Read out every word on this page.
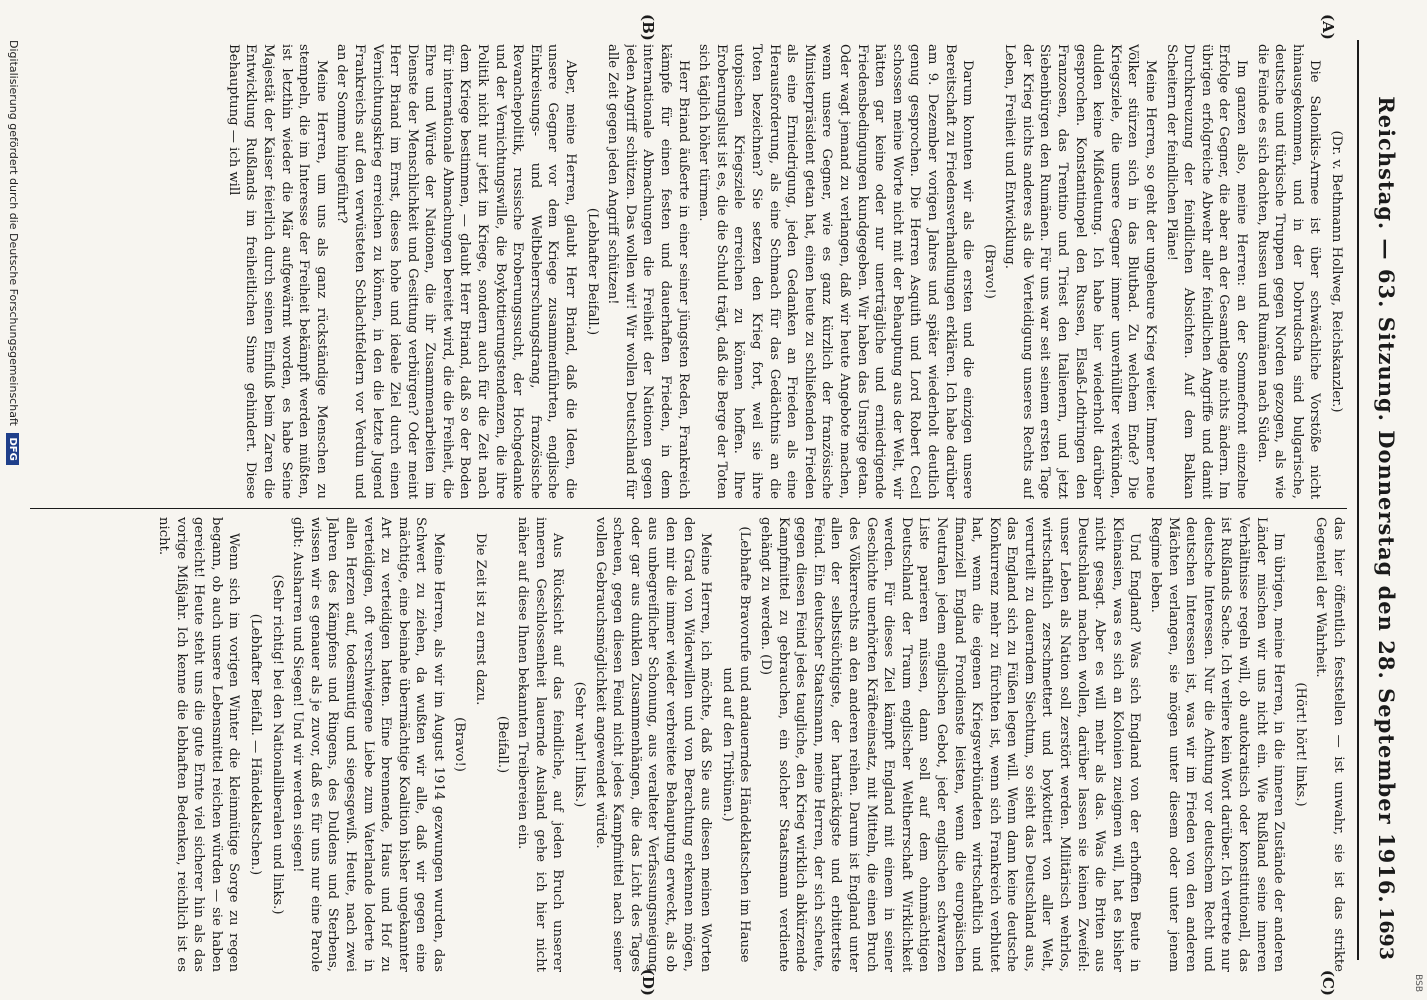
BSB
Reichstag. — 63. Sitzung. Donnerstag den 28. September 1916.
1693
(A)
(B)
(C)
(D)

(Dr. v. Bethmann Hollweg, Reichskanzler.)

Die Salonikis-Armee ist über schwächliche Vorstöße nicht hinausgekommen, und in der Dobrudscha sind bulgarische, deutsche und türkische Truppen gegen Norden gezogen, als wie die Feinde es sich dachten, Russen und Rumänen nach Süden.

Im ganzen also, meine Herren: an der Sommefront einzelne Erfolge der Gegner, die aber an der Gesamtlage nichts ändern. Im übrigen erfolgreiche Abwehr aller feindlichen Angriffe und damit Durchkreuzung der feindlichen Absichten. Auf dem Balkan Scheitern der feindlichen Pläne!

Meine Herren, so geht der ungeheure Krieg weiter. Immer neue Völker stürzen sich in das Blutbad. Zu welchem Ende? Die Kriegsziele, die unsere Gegner immer unverhüllter verkünden, dulden keine Mißdeutung. Ich habe hier wiederholt darüber gesprochen. Konstantinopel den Russen, Elsaß-Lothringen den Franzosen, das Trentino und Triest den Italienern, und jetzt Siebenbürgen den Rumänen. Für uns war seit seinem ersten Tage der Krieg nichts anderes als die Verteidigung unseres Rechts auf Leben, Freiheit und Entwicklung.

(Bravo!)

Darum konnten wir als die ersten und die einzigen unsere Bereitschaft zu Friedensverhandlungen erklären. Ich habe darüber am 9. Dezember vorigen Jahres und später wiederholt deutlich genug gesprochen. Die Herren Asquith und Lord Robert Cecil schossen meine Worte nicht mit der Behauptung aus der Welt, wir hätten gar keine oder nur unerträgliche und erniedrigende Friedensbedingungen kundgegeben. Wir haben das Unsrige getan. Oder wagt jemand zu verlangen, daß wir heute Angebote machen, wenn unsere Gegner, wie es ganz kürzlich der französische Ministerpräsident getan hat, einen heute zu schließenden Frieden als eine Erniedrigung, jeden Gedanken an Frieden als eine Herausforderung, als eine Schmach für das Gedächtnis an die Toten bezeichnen? Sie setzen den Krieg fort, weil sie ihre utopischen Kriegsziele erreichen zu können hoffen. Ihre Eroberungslust ist es, die die Schuld trägt, daß die Berge der Toten sich täglich höher türmen.

Herr Briand äußerte in einer seiner jüngsten Reden, Frankreich kämpfe für einen festen und dauerhaften Frieden, in dem internationale Abmachungen die Freiheit der Nationen gegen jeden Angriff schützen. Das wollen wir! Wir wollen Deutschland für alle Zeit gegen jeden Angriff schützen!

(Lebhafter Beifall.)

Aber, meine Herren, glaubt Herr Briand, daß die Ideen, die unsere Gegner vor dem Kriege zusammenführten, englische Einkreisungs- und Weltbeherrschungsdrang, französische Revanchepolitik, russische Eroberungssucht, der Hochgedanke und der Vernichtungswille, die Boykottierungstendenzen, die ihre Politik nicht nur jetzt im Kriege, sondern auch für die Zeit nach dem Kriege bestimmen, — glaubt Herr Briand, daß so der Boden für internationale Abmachungen bereitet wird, die die Freiheit, die Ehre und Würde der Nationen, die ihr Zusammenarbeiten im Dienste der Menschlichkeit und Gesittung verbürgen? Oder meint Herr Briand im Ernst, dieses hohe und ideale Ziel durch einen Vernichtungskrieg erreichen zu können, in den die letzte Jugend Frankreichs auf den verwüsteten Schlachtfeldern vor Verdun und an der Somme hingeführt?

Meine Herren, um uns als ganz rückständige Menschen zu stempeln, die im Interesse der Freiheit bekämpft werden müßten, ist letzthin wieder die Mär aufgewärmt worden, es habe Seine Majestät der Kaiser feierlich durch seinen Einfluß beim Zaren die Entwicklung Rußlands im freiheitlichen Sinne gehindert. Diese Behauptung — ich will

das hier öffentlich feststellen — ist unwahr, sie ist das strikte Gegenteil der Wahrheit.

(Hört! hört! links.)

Im übrigen, meine Herren, in die inneren Zustände der anderen Länder mischen wir uns nicht ein. Wie Rußland seine inneren Verhältnisse regeln will, ob autokratisch oder konstitutionell, das ist Rußlands Sache. Ich verliere kein Wort darüber. Ich vertrete nur deutsche Interessen. Nur die Achtung vor deutschem Recht und deutschen Interessen ist, was wir im Frieden von den anderen Mächten verlangen, sie mögen unter diesem oder unter jenem Regime leben.

Und England? Was sich England von der erhofften Beute in Kleinasien, was es sich an Kolonien zueignen will, hat es bisher nicht gesagt. Aber es will mehr als das. Was die Briten aus Deutschland machen wollen, darüber lassen sie keinen Zweifel: unser Leben als Nation soll zerstört werden. Militärisch wehrlos, wirtschaftlich zerschmettert und boykottiert von aller Welt, verurteilt zu dauerndem Siechtum, so sieht das Deutschland aus, das England sich zu Füßen legen will. Wenn dann keine deutsche Konkurrenz mehr zu fürchten ist, wenn sich Frankreich verblutet hat, wenn die eigenen Kriegsverbündeten wirtschaftlich und finanziell England Frondienste leisten, wenn die europäischen Neutralen jedem englischen Gebot, jeder englischen schwarzen Liste parieren müssen, dann soll auf dem ohnmächtigen Deutschland der Traum englischer Weltherrschaft Wirklichkeit werden. Für dieses Ziel kämpft England mit einem in seiner Geschichte unerhörten Kräfteeinsatz, mit Mitteln, die einen Bruch des Völkerrechts an den anderen reihen. Darum ist England unter allen der selbstsüchtigste, der hartnäckigste und erbittertste Feind. Ein deutscher Staatsmann, meine Herren, der sich scheute, gegen diesen Feind jedes taugliche, den Krieg wirklich abkürzende Kampfmittel zu gebrauchen, ein solcher Staatsmann verdiente gehängt zu werden. (D)

(Lebhafte Bravorufe und andauerndes Händeklatschen im Hause und auf den Tribünen.)

Meine Herren, ich möchte, daß Sie aus diesen meinen Worten den Grad von Widerwillen und von Berachtung erkennen mögen, den mir die immer wieder verbreitete Behauptung erweckt, als ob aus unbegreiflicher Schonung, aus veralteter Verfassungsneigung oder gar aus dunklen Zusammenhängen, die das Licht des Tages scheuen, gegen diesen Feind nicht jedes Kampfmittel nach seiner vollen Gebrauchsmöglichkeit angewendet würde.

(Sehr wahr! links.)

Aus Rücksicht auf das feindliche, auf jeden Bruch unserer inneren Geschlossenheit lauernde Ausland gehe ich hier nicht näher auf diese Ihnen bekannten Treibereien ein.

(Beifall.)

Die Zeit ist zu ernst dazu.

(Bravo!)

Meine Herren, als wir im August 1914 gezwungen wurden, das Schwert zu ziehen, da wußten wir alle, daß wir gegen eine mächtige, eine beinahe übermächtige Koalition bisher ungekannter Art zu verteidigen hatten. Eine brennende, Haus und Hof zu verteidigen, oft verschwiegene Liebe zum Vaterlande loderte in allen Herzen auf, todesmutig und siegesgewiß. Heute, nach zwei Jahren des Kämpfens und Ringens, des Duldens und Sterbens, wissen wir es genauer als je zuvor, daß es für uns nur eine Parole gibt: Ausharren und Siegen! Und wir werden siegen!

(Sehr richtig! bei den Nationalliberalen und links.)

(Lebhafter Beifall. — Händeklatschen.)

Wenn sich im vorigen Winter die kleinmütige Sorge zu regen begann, ob auch unsere Lebensmittel reichen würden — sie haben gereicht! Heute steht uns die gute Ernte viel sicherer hin als das vorige Mißjahr. Ich kenne die lebhaften Bedenken, reichlich ist es nicht.

Digitalisierung gefördert durch die Deutsche Forschungsgemeinschaft DFG
